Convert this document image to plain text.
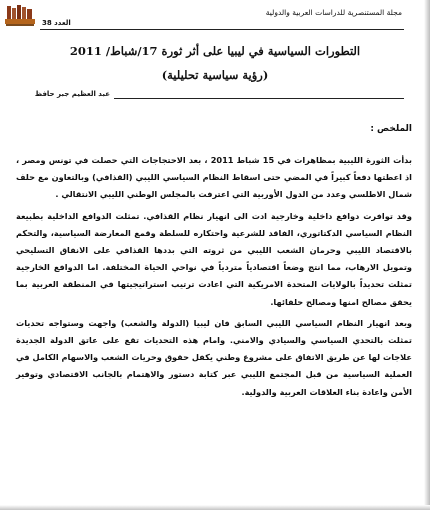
مجلة المستنصرية للدراسات العربية والدولية
العدد 38
التطورات السياسية في ليبيا على أثر ثورة 17/شباط/ 2011
(رؤية سياسية تحليلية)
عبد العظيم جبر حافظ
الملخص :

بدأت الثورة الليبية بمظاهرات في 15 شباط 2011 ، بعد الاحتجاجات التي حصلت في تونس ومصر ، اذ اعطتها دفعاً كبيراً في المضي حتى اسقاط النظام السياسي الليبي (القذافي) وبالتعاون مع حلف شمال الاطلسي وعدد من الدول الأوربية التي اعترفت بالمجلس الوطني الليبي الانتقالي .

وقد توافرت دوافع داخلية وخارجية ادت الى انهيار نظام القذافي. تمثلت الدوافع الداخلية بطبيعة النظام السياسي الدكتاتوري، الفاقد للشرعية واحتكاره للسلطة وقمع المعارضة السياسية، والتحكم بالاقتصاد الليبي وحرمان الشعب الليبي من ثروته التي بددها القذافي على الانفاق التسليحي وتمويل الارهاب، مما انتج وضعاً اقتصادياً متردياً في نواحي الحياة المختلفة. اما الدوافع الخارجية تمثلت تحديداً بالولايات المتحدة الامريكية التي اعادت ترتيب استراتيجيتها في المنطقة العربية بما يحقق مصالح امنها ومصالح حلفائها.

وبعد انهيار النظام السياسي الليبي السابق فان ليبيا (الدولة والشعب) واجهت وستواجه تحديات تمثلت بالتحدي السياسي والسيادي والامني. وامام هذه التحديات تقع على عاتق الدولة الجديدة علاجات لها عن طريق الاتفاق على مشروع وطني يكفل حقوق وحريات الشعب والاسهام الكامل في العملية السياسية من قبل المجتمع الليبي عبر كتابة دستور والاهتمام بالجانب الاقتصادي وتوفير الأمن واعادة بناء العلاقات العربية والدولية.
